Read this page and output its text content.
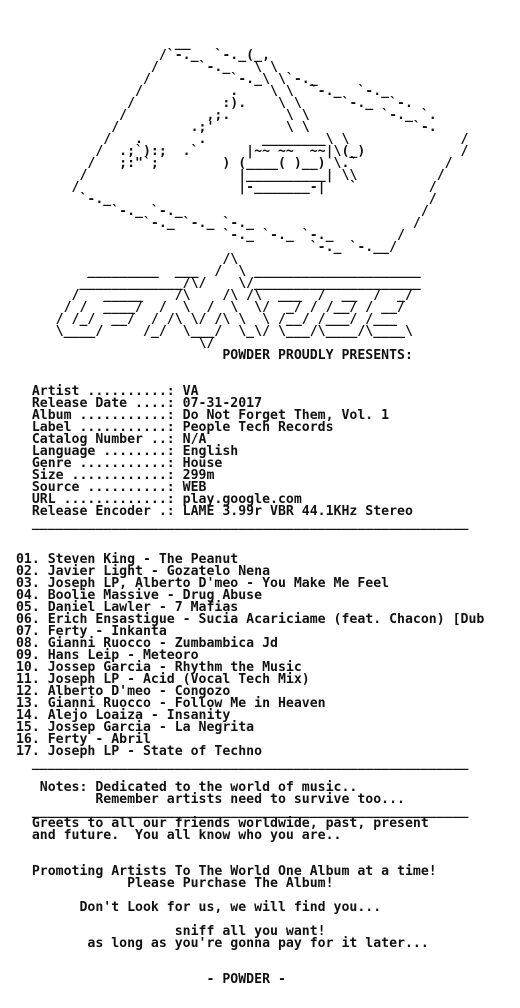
__
/`-._  `-._(_,
/     `-._   \ \
/          `-._\ \`-._
/           .    \ \  `-._  `-._
/           :).    \ \     `-._  `-.
/          ,;.       \ \         `-._ `.
/         .;'         \ \             `-.
/   .       .       ________\ \              /
/  .;`):;  .`      |~~ ~~  ~~|\(_)            /
/   ;:"`;        ) (____( )__) \.`           /
/                   |__________| \\          /
/                    |-_______-|   `         /
`-._                                        /
`-._ `-._                              /
`-._ `-._ `-._                    /
`-._ `-._ `-._        /
`-._ `-.__/
/\
_________  ___  /  \ _____________________
_____________/\/    \/_____________________
/   _____    /\    /\ /\  ___  /  __  /  _/
/ /  ____/  /  \  /  \  \/  _/ / /__/ / __/
/ /_/  __/  / /\ \/ /\ \  \ /__/ /___/ /___
\____/     /_/  \___/  \_\/ \___/\____/\____\
\/
POWDER PROUDLY PRESENTS:
Artist ..........: VA
Release Date ....: 07-31-2017
Album ...........: Do Not Forget Them, Vol. 1
Label ...........: People Tech Records
Catalog Number ..: N/A
Language ........: English
Genre ...........: House
Size ............: 299m
Source ..........: WEB
URL .............: play.google.com
Release Encoder .: LAME 3.99r VBR 44.1KHz Stereo
_______________________________________________________
01. Steven King - The Peanut
02. Javier Light - Gozatelo Nena
03. Joseph LP, Alberto D'meo - You Make Me Feel
04. Boolie Massive - Drug Abuse
05. Daniel Lawler - 7 Mafias
06. Erich Ensastigue - Sucia Acariciame (feat. Chacon) [Dub
07. Ferty - Inkanta
08. Gianni Ruocco - Zumbambica Jd
09. Hans Leip - Meteoro
10. Jossep Garcia - Rhythm the Music
11. Joseph LP - Acid (Vocal Tech Mix)
12. Alberto D'meo - Congozo
13. Gianni Ruocco - Follow Me in Heaven
14. Alejo Loaiza - Insanity
15. Jossep Garcia - La Negrita
16. Ferty - Abril
17. Joseph LP - State of Techno
_______________________________________________________
Notes: Dedicated to the world of music..
Remember artists need to survive too...
_______________________________________________________
Greets to all our friends worldwide, past, present
and future.  You all know who you are..
Promoting Artists To The World One Album at a time!
Please Purchase The Album!
Don't Look for us, we will find you...
sniff all you want!
as long as you're gonna pay for it later...
- POWDER -
